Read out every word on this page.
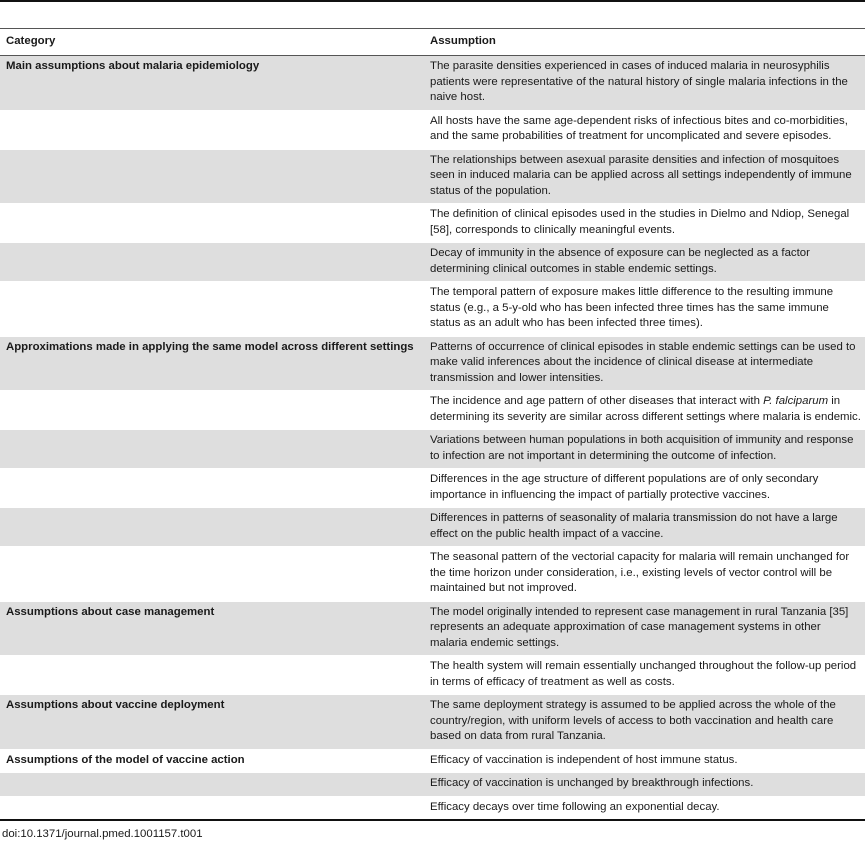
Category	Assumption
Main assumptions about malaria epidemiology	The parasite densities experienced in cases of induced malaria in neurosyphilis patients were representative of the natural history of single malaria infections in the naive host.
	All hosts have the same age-dependent risks of infectious bites and co-morbidities, and the same probabilities of treatment for uncomplicated and severe episodes.
	The relationships between asexual parasite densities and infection of mosquitoes seen in induced malaria can be applied across all settings independently of immune status of the population.
	The definition of clinical episodes used in the studies in Dielmo and Ndiop, Senegal [58], corresponds to clinically meaningful events.
	Decay of immunity in the absence of exposure can be neglected as a factor determining clinical outcomes in stable endemic settings.
	The temporal pattern of exposure makes little difference to the resulting immune status (e.g., a 5-y-old who has been infected three times has the same immune status as an adult who has been infected three times).
Approximations made in applying the same model across different settings	Patterns of occurrence of clinical episodes in stable endemic settings can be used to make valid inferences about the incidence of clinical disease at intermediate transmission and lower intensities.
	The incidence and age pattern of other diseases that interact with P. falciparum in determining its severity are similar across different settings where malaria is endemic.
	Variations between human populations in both acquisition of immunity and response to infection are not important in determining the outcome of infection.
	Differences in the age structure of different populations are of only secondary importance in influencing the impact of partially protective vaccines.
	Differences in patterns of seasonality of malaria transmission do not have a large effect on the public health impact of a vaccine.
	The seasonal pattern of the vectorial capacity for malaria will remain unchanged for the time horizon under consideration, i.e., existing levels of vector control will be maintained but not improved.
Assumptions about case management	The model originally intended to represent case management in rural Tanzania [35] represents an adequate approximation of case management systems in other malaria endemic settings.
	The health system will remain essentially unchanged throughout the follow-up period in terms of efficacy of treatment as well as costs.
Assumptions about vaccine deployment	The same deployment strategy is assumed to be applied across the whole of the country/region, with uniform levels of access to both vaccination and health care based on data from rural Tanzania.
Assumptions of the model of vaccine action	Efficacy of vaccination is independent of host immune status.
	Efficacy of vaccination is unchanged by breakthrough infections.
	Efficacy decays over time following an exponential decay.
doi:10.1371/journal.pmed.1001157.t001
